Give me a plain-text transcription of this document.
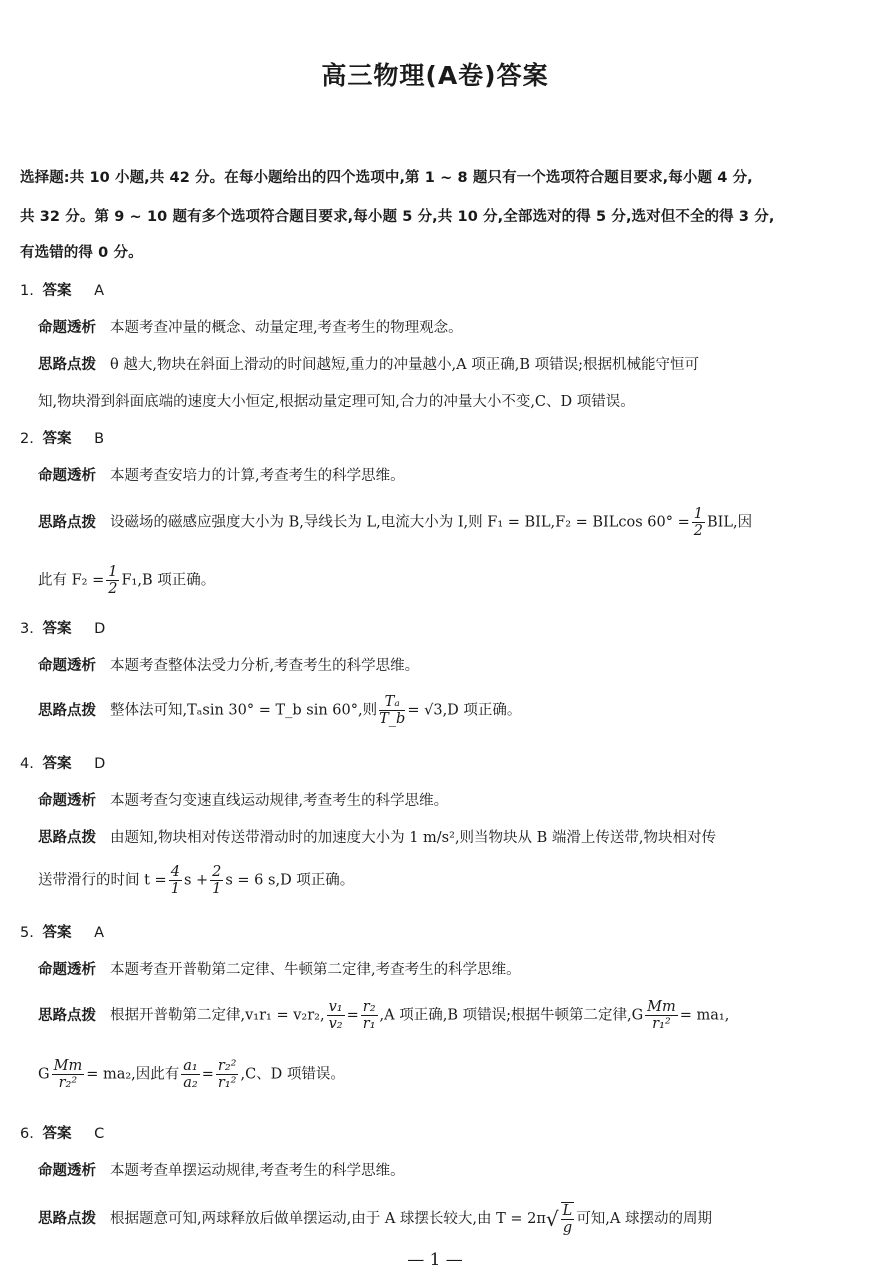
高三物理(A卷)答案
选择题:共 10 小题,共 42 分。在每小题给出的四个选项中,第 1 ~ 8 题只有一个选项符合题目要求,每小题 4 分,
共 32 分。第 9 ~ 10 题有多个选项符合题目要求,每小题 5 分,共 10 分,全部选对的得 5 分,选对但不全的得 3 分,
有选错的得 0 分。
1. 答案 A
命题透析 本题考查冲量的概念、动量定理,考查考生的物理观念。
思路点拨 θ 越大,物块在斜面上滑动的时间越短,重力的冲量越小,A 项正确,B 项错误;根据机械能守恒可
知,物块滑到斜面底端的速度大小恒定,根据动量定理可知,合力的冲量大小不变,C、D 项错误。
2. 答案 B
命题透析 本题考查安培力的计算,考查考生的科学思维。
思路点拨 设磁场的磁感应强度大小为 B,导线长为 L,电流大小为 I,则 F₁ = BIL,F₂ = BILcos $60^\circ = \frac{1}{2}$ BIL,因
此有 $F_2 = \frac{1}{2} F_1,B$ 项正确。
3. 答案 D
命题透析 本题考查整体法受力分析,考查考生的科学思维。
思路点拨 整体法可知,Tₐsin 30° = T_b sin 60°,则 $\frac{\text{Tₐ}}{T\_b} = √3,D$ 项正确。
4. 答案 D
命题透析 本题考查匀变速直线运动规律,考查考生的科学思维。
思路点拨 由题知,物块相对传送带滑动时的加速度大小为 1 m/s²,则当物块从 B 端滑上传送带,物块相对传
送带滑行的时间 $t = \frac{4}{1}$ $s + \frac{2}{1}$ s = 6 s,D 项正确。
5. 答案 A
命题透析 本题考查开普勒第二定律、牛顿第二定律,考查考生的科学思维。
思路点拨 根据开普勒第二定律,v₁r₁ = v₂r₂, $\frac{\text{v₁}}{\text{v₂}} = \frac{\text{r₂}}{\text{r₁}} ,A$ 项正确,B 项错误;根据牛顿第二定律$,G \frac{Mm}{\text{r₁²}} = ma_1$,
G $\frac{Mm}{\text{r₂²}} = ma_2$,因此有 $\frac{\text{a₁}}{\text{a₂}} = \frac{\text{r₂²}}{\text{r₁²}} ,C$、D 项错误。
6. 答案 C
命题透析 本题考查单摆运动规律,考查考生的科学思维。
思路点拨 根据题意可知,两球释放后做单摆运动,由于 A 球摆长较大,由 $T = 2\pi√ \frac{L}{g}$ 可知,A 球摆动的周期
— 1 —
